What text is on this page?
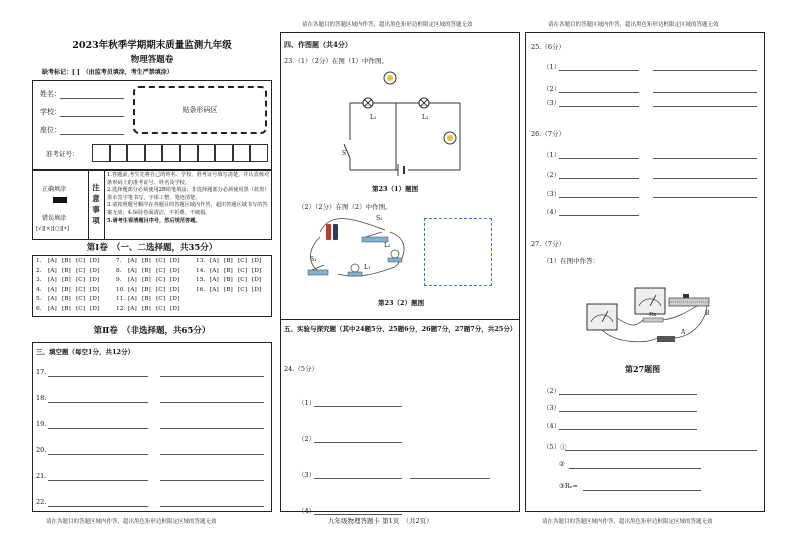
请在各题目的答题区域内作答，超出黑色矩形边框限定区域的答题无效	请在各题目的答题区域内作答，超出黑色矩形边框限定区域的答题无效
2023年秋季学期期末质量监测九年级
物理答题卷
缺考标记：[ ]　（由监考员填涂，考生严禁填涂）
姓名：
学校：
座位：
贴条形码区
准考证号：
正确填涂
错误填涂
[√][×][○][•]
注意事项
1.答题前,考生先将自己的姓名、学校、准考证号填写清楚，并认真核对条形码上的准考证号、姓名及学校。
2.选择题部分必须使用2B铅笔填涂；非选择题部分必须使用黑（蓝黑）墨水签字笔书写，字体工整、笔迹清楚。
3.请按照题号顺序在各题目的答题区域内作答，超出答题区域书写的答案无效；4.保持卷面清洁，不折叠，不破损。
5.请考生看清题目序号，然后规范答题。
第Ⅰ卷　（一、二选择题，共35分）
1. [A] [B] [C] [D]	7. [A] [B] [C] [D]	13. [A] [B] [C] [D]
2. [A] [B] [C] [D]	8. [A] [B] [C] [D]	14. [A] [B] [C] [D]
3. [A] [B] [C] [D]	9. [A] [B] [C] [D]	15. [A] [B] [C] [D]
4. [A] [B] [C] [D]	10. [A] [B] [C] [D]	16. [A] [B] [C] [D]
5. [A] [B] [C] [D]	11. [A] [B] [C] [D]
6. [A] [B] [C] [D]	12. [A] [B] [C] [D]
第Ⅱ卷　（非选择题，共65分）
三、填空题（每空1分，共12分）
17.
18.
19.
20.
21.
22.
请在各题目的答题区域内作答，超出黑色矩形边框限定区域的答题无效
四、作图题（共4分）
23.（1）（2分）在图（1）中作图。
S
L₁	L₂
第23（1）题图
（2）（2分）在图（2）中作图。
S₂
S₁
L₁
L₂
第23（2）题图
五、实验与探究题（其中24题5分、25题6分，26题7分，27题7分，共25分）
24.（5分）
（1）
（2）
（3）
（4）
九年级物理答题卡 第1页　（共2页）
25.（6分）
（1）
（2）
（3）
26.（7分）
（1）
（2）
（3）
（4）
27.（7分）
（1）在图中作答：
Rx	B
A
第27题图
（2）
（3）
（4）
（5）①
②
③Rₓ=
请在各题目的答题区域内作答，超出黑色矩形边框限定区域的答题无效
